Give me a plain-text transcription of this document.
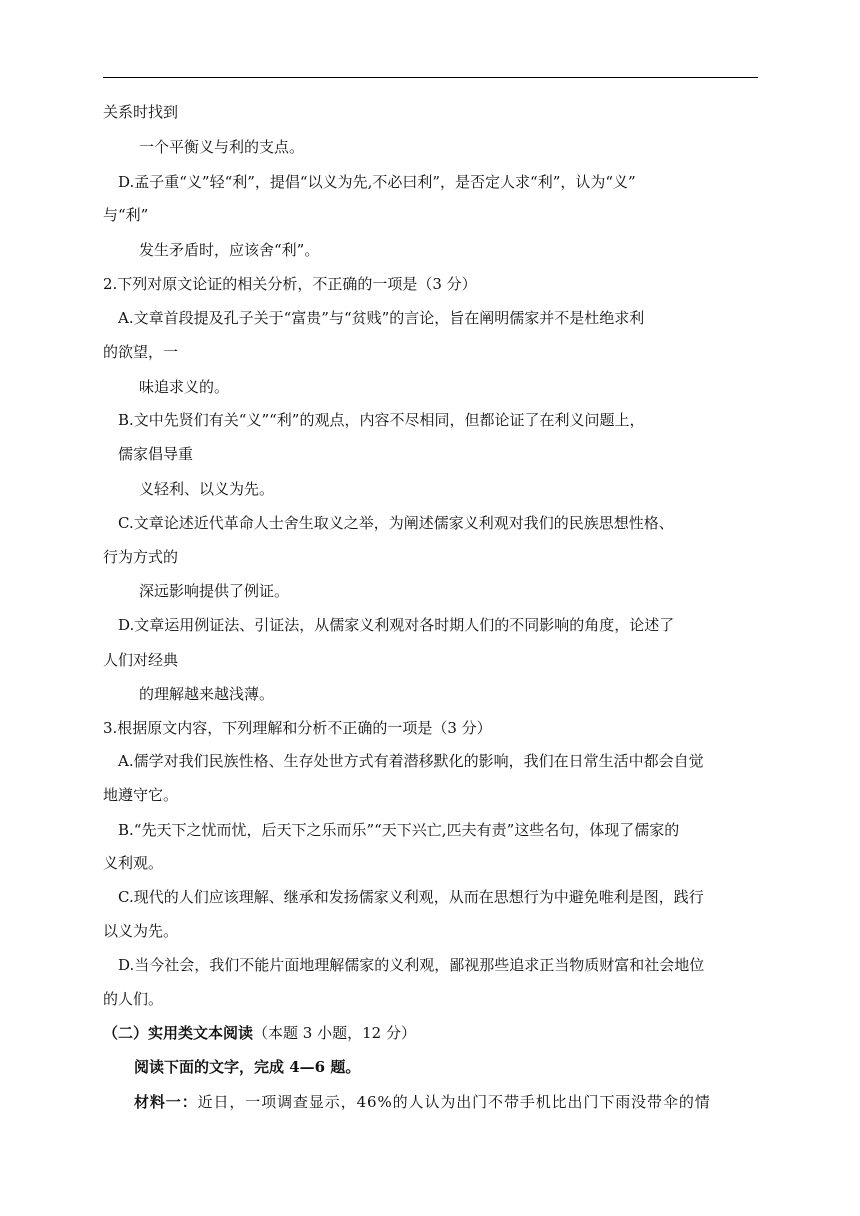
关系时找到
一个平衡义与利的支点。
D.孟子重“义”轻“利”，提倡“以义为先,不必曰利”，是否定人求“利”，认为“义”
与“利”
发生矛盾时，应该舍“利”。
2.下列对原文论证的相关分析，不正确的一项是（3 分）
A.文章首段提及孔子关于“富贵”与“贫贱”的言论，旨在阐明儒家并不是杜绝求利
的欲望，一
味追求义的。
B.文中先贤们有关“义”“利”的观点，内容不尽相同，但都论证了在利义问题上，
儒家倡导重
义轻利、以义为先。
C.文章论述近代革命人士舍生取义之举，为阐述儒家义利观对我们的民族思想性格、
行为方式的
深远影响提供了例证。
D.文章运用例证法、引证法，从儒家义利观对各时期人们的不同影响的角度，论述了
人们对经典
的理解越来越浅薄。
3.根据原文内容，下列理解和分析不正确的一项是（3 分）
A.儒学对我们民族性格、生存处世方式有着潜移默化的影响，我们在日常生活中都会自觉
地遵守它。
B.“先天下之忧而忧，后天下之乐而乐”“天下兴亡,匹夫有责”这些名句，体现了儒家的
义利观。
C.现代的人们应该理解、继承和发扬儒家义利观，从而在思想行为中避免唯利是图，践行
以义为先。
D.当今社会，我们不能片面地理解儒家的义利观，鄙视那些追求正当物质财富和社会地位
的人们。
（二）实用类文本阅读（本题 3 小题，12 分）
阅读下面的文字，完成 4—6 题。
材料一：近日，一项调查显示，46%的人认为出门不带手机比出门下雨没带伞的情
